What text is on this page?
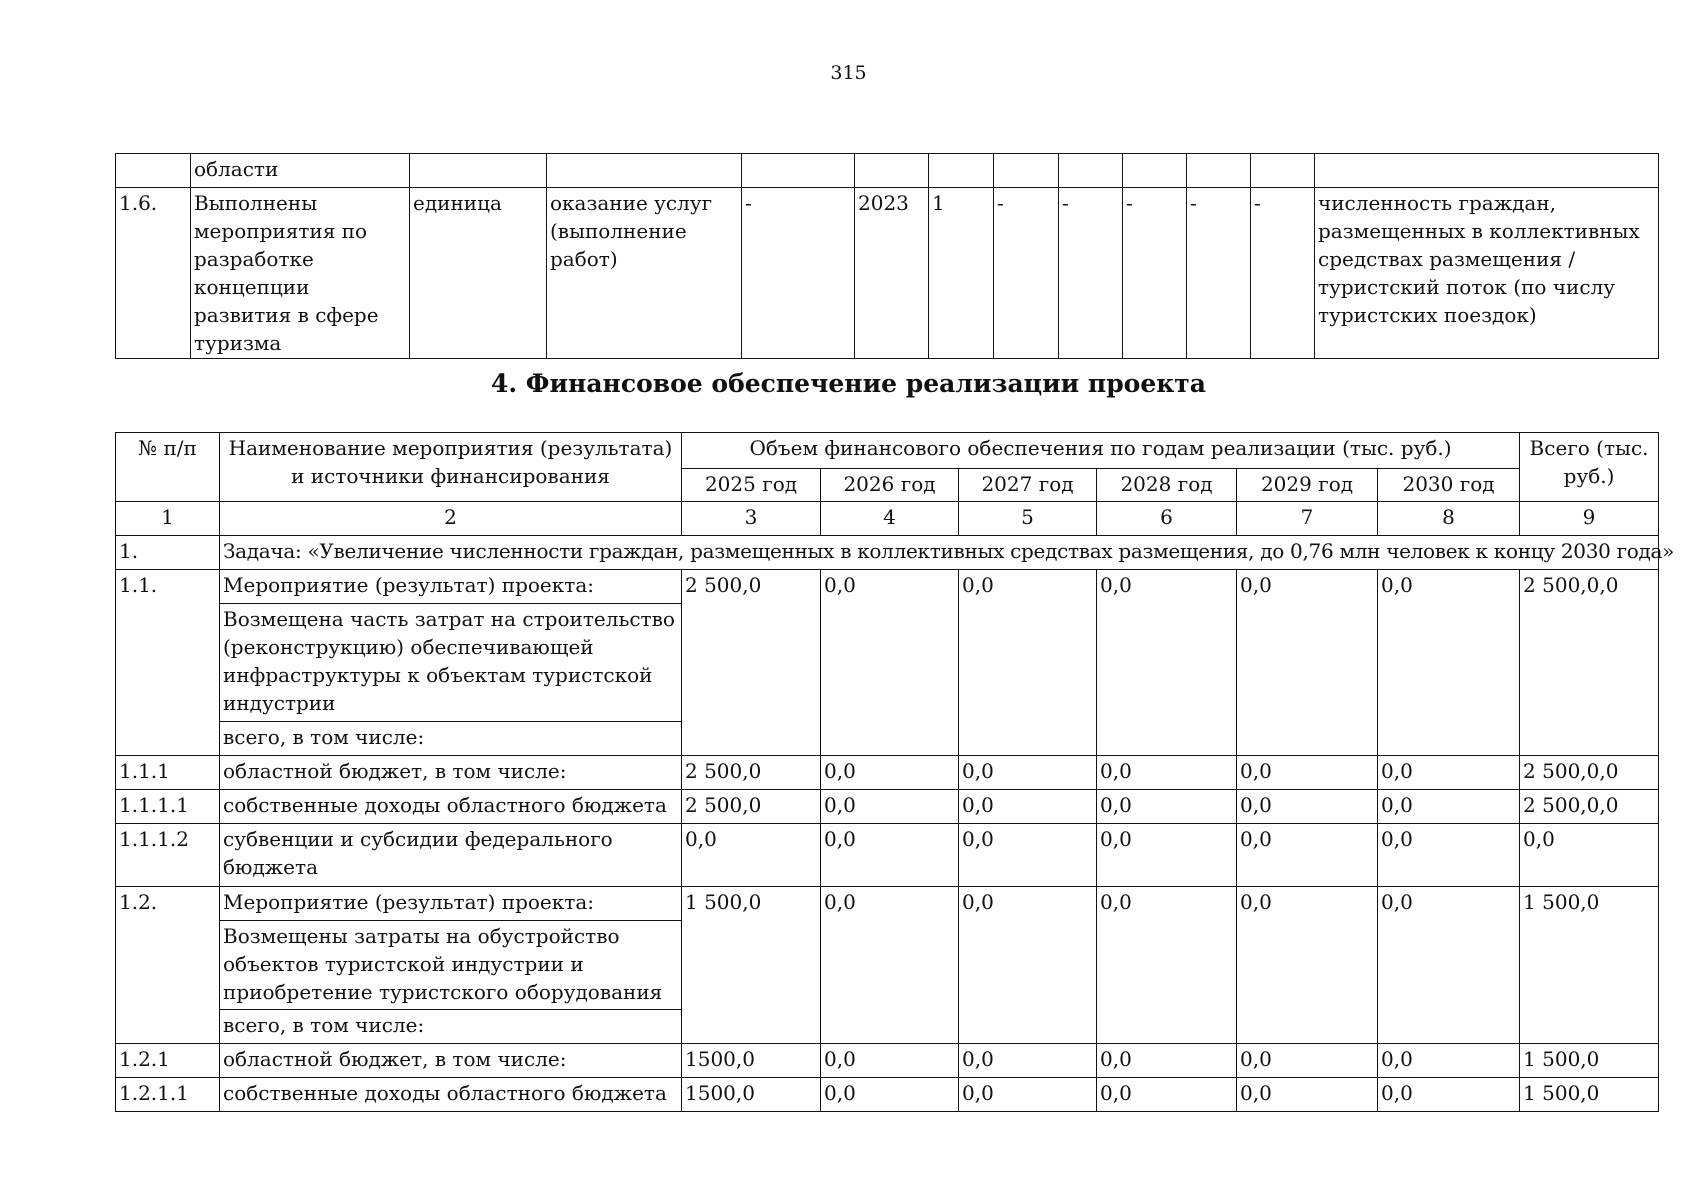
315
	области											
1.6.	Выполнены мероприятия по разработке концепции развития в сфере туризма	единица	оказание услуг (выполнение работ)	-	2023	1	-	-	-	-	-	численность граждан, размещенных в коллективных средствах размещения / туристский поток (по числу туристских поездок)
4. Финансовое обеспечение реализации проекта
№ п/п	Наименование мероприятия (результата) и источники финансирования	Объем финансового обеспечения по годам реализации (тыс. руб.)						Всего (тыс. руб.)
		2025 год	2026 год	2027 год	2028 год	2029 год	2030 год	
1	2	3	4	5	6	7	8	9
1.	Задача: «Увеличение численности граждан, размещенных в коллективных средствах размещения, до 0,76 млн человек к концу 2030 года»							
1.1.	Мероприятие (результат) проекта:	2 500,0	0,0	0,0	0,0	0,0	0,0	2 500,0,0
	Возмещена часть затрат на строительство (реконструкцию) обеспечивающей инфраструктуры к объектам туристской индустрии							
	всего, в том числе:							
1.1.1	областной бюджет, в том числе:	2 500,0	0,0	0,0	0,0	0,0	0,0	2 500,0,0
1.1.1.1	собственные доходы областного бюджета	2 500,0	0,0	0,0	0,0	0,0	0,0	2 500,0,0
1.1.1.2	субвенции и субсидии федерального бюджета	0,0	0,0	0,0	0,0	0,0	0,0	0,0
1.2.	Мероприятие (результат) проекта:	1 500,0	0,0	0,0	0,0	0,0	0,0	1 500,0
	Возмещены затраты на обустройство объектов туристской индустрии и приобретение туристского оборудования							
	всего, в том числе:							
1.2.1	областной бюджет, в том числе:	1500,0	0,0	0,0	0,0	0,0	0,0	1 500,0
1.2.1.1	собственные доходы областного бюджета	1500,0	0,0	0,0	0,0	0,0	0,0	1 500,0
